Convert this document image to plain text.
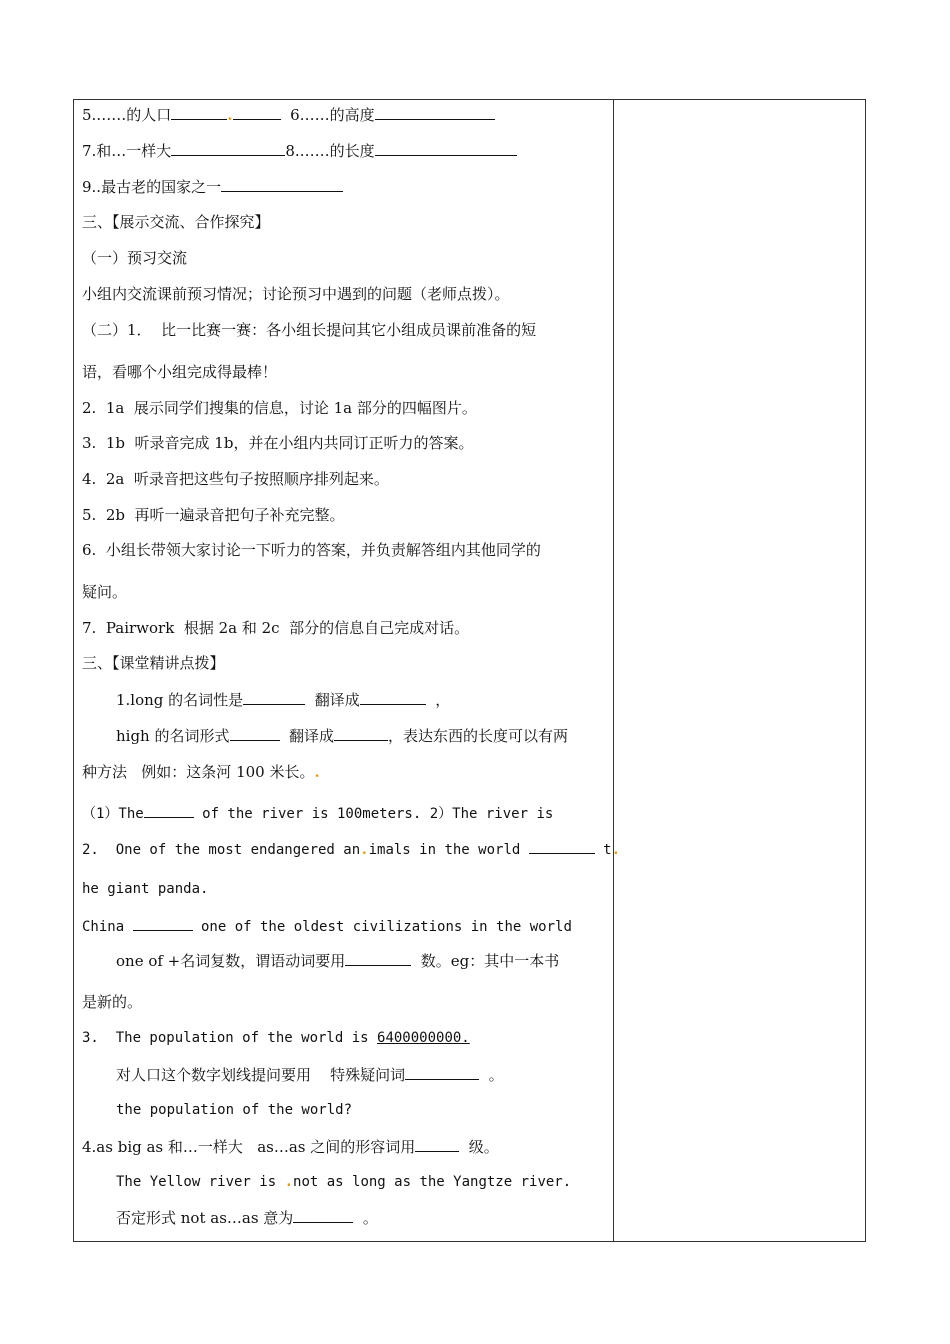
5.……的人口	.	6……的高度
7.和…一样大	8.……的长度
9..最古老的国家之一
三、【展示交流、合作探究】
（一）预习交流
小组内交流课前预习情况；讨论预习中遇到的问题（老师点拨）。
（二）1．  比一比赛一赛：各小组长提问其它小组成员课前准备的短
语，看哪个小组完成得最棒！
2.  1a  展示同学们搜集的信息，讨论 1a 部分的四幅图片。
3.  1b  听录音完成 1b，并在小组内共同订正听力的答案。
4.  2a  听录音把这些句子按照顺序排列起来。
5.  2b  再听一遍录音把句子补充完整。
6.  小组长带领大家讨论一下听力的答案，并负责解答组内其他同学的
疑问。
7.  Pairwork  根据 2a 和 2c  部分的信息自己完成对话。
三、【课堂精讲点拨】
1.long 的名词性是	翻译成	，
high 的名词形式	翻译成	，表达东西的长度可以有两
种方法   例如：这条河 100 米长。.
（1）The	of the river is 100meters. 2）The river is
2.  One of the most endangered an.imals in the world	t.
he giant panda.
China	one of the oldest civilizations in the world
one of +名词复数，谓语动词要用	数。eg：其中一本书
是新的。
3.  The population of the world is 6400000000.
对人口这个数字划线提问要用    特殊疑问词	。
the population of the world?
4.as big as 和…一样大   as…as 之间的形容词用	级。
The Yellow river is .not as long as the Yangtze river.
否定形式 not as…as 意为	。
